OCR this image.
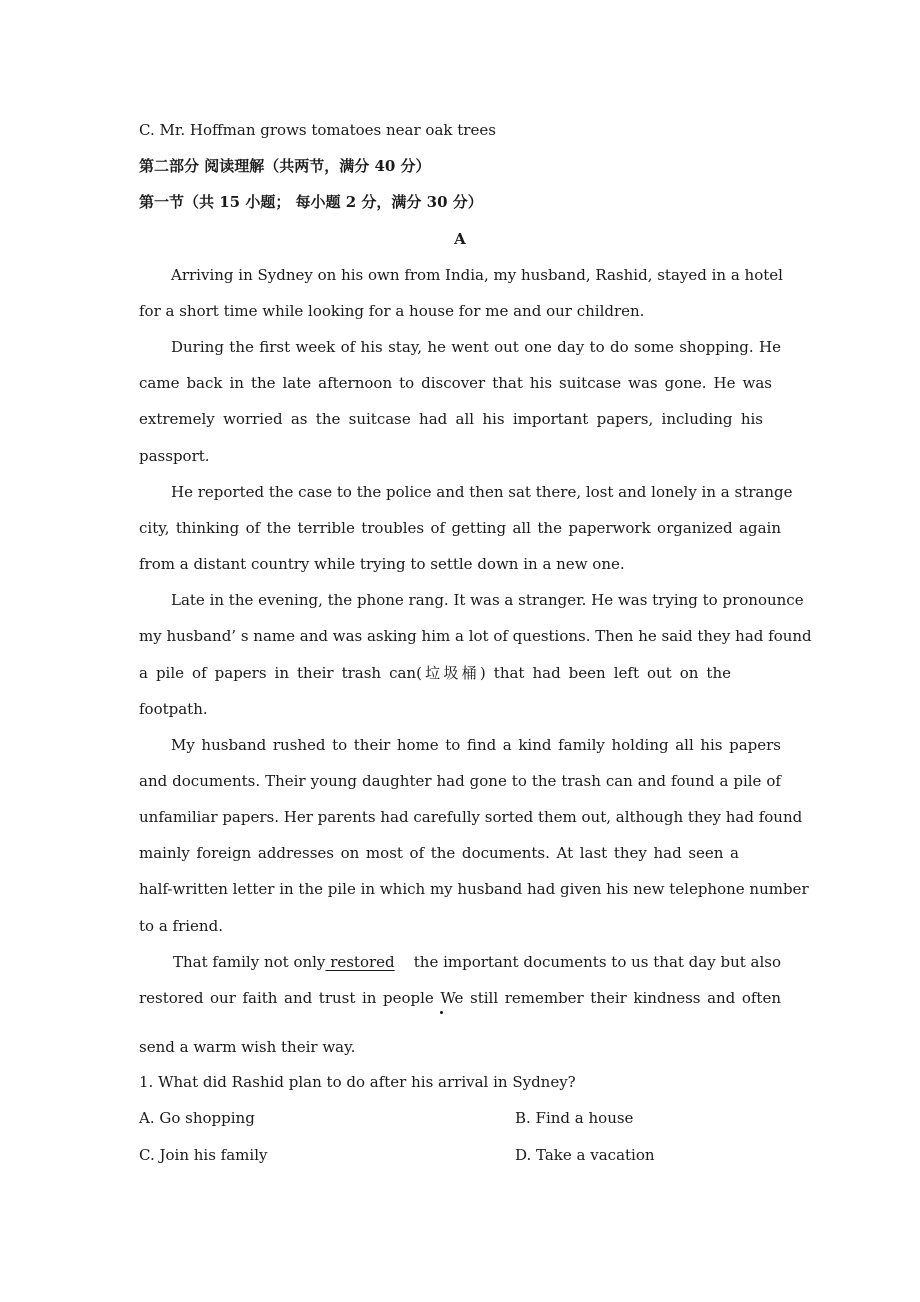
C. Mr. Hoffman grows tomatoes near oak trees
第二部分 阅读理解（共两节，满分 40 分）
第一节（共 15 小题； 每小题 2 分，满分 30 分）
A
Arriving in Sydney on his own from India, my husband, Rashid, stayed in a hotel
for a short time while looking for a house for me and our children.
During the first week of his stay, he went out one day to do some shopping. He
came back in the late afternoon to discover that his suitcase was gone. He was
extremely worried as the suitcase had all his important papers, including his
passport.
He reported the case to the police and then sat there, lost and lonely in a strange
city, thinking of the terrible troubles of getting all the paperwork organized again
from a distant country while trying to settle down in a new one.
Late in the evening, the phone rang. It was a stranger. He was trying to pronounce
my husband’ s name and was asking him a lot of questions. Then he said they had found
a pile of papers in their trash can(垃圾桶) that had been left out on the
footpath.
My husband rushed to their home to find a kind family holding all his papers
and documents. Their young daughter had gone to the trash can and found a pile of
unfamiliar papers. Her parents had carefully sorted them out, although they had found
mainly foreign addresses on most of the documents. At last they had seen a
half-written letter in the pile in which my husband had given his new telephone number
to a friend.
That family not only restored the important documents to us that day but also
restored our faith and trust in people We still remember their kindness and often
send a warm wish their way.
1. What did Rashid plan to do after his arrival in Sydney?
A. Go shopping	B. Find a house
C. Join his family	D. Take a vacation
